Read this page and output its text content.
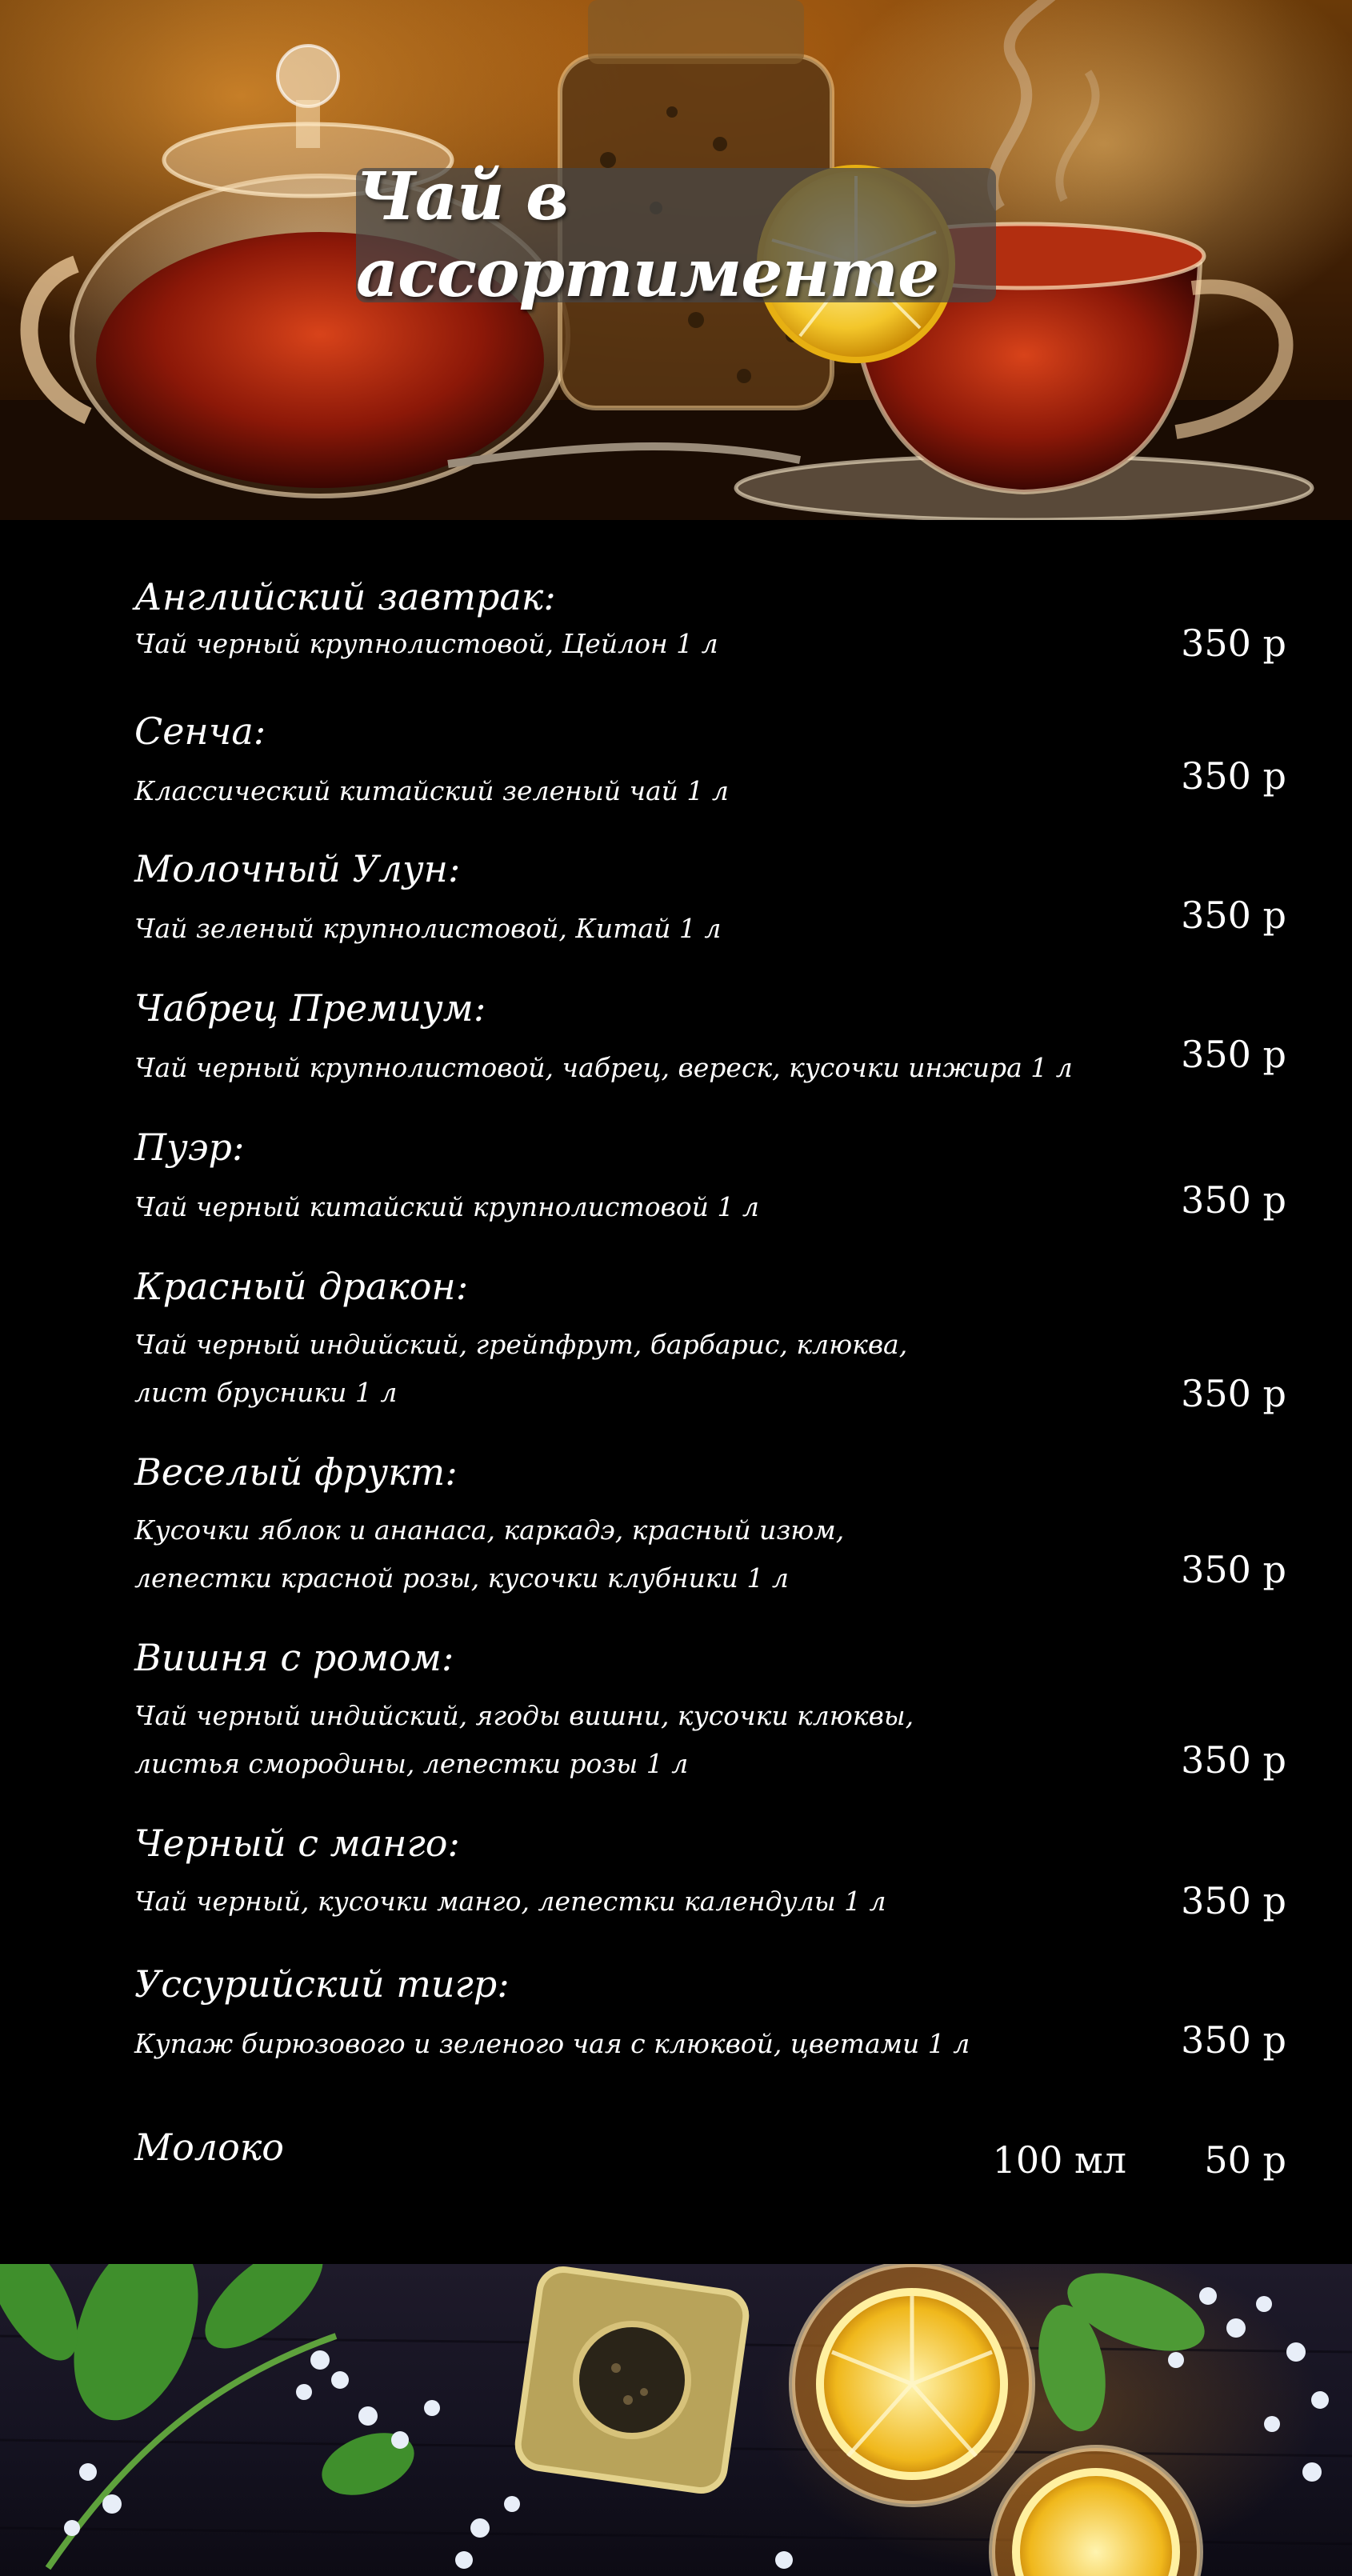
Чай в ассортименте
Английский завтрак:
Чай черный крупнолистовой, Цейлон 1 л	350 р
Сенча:
Классический китайский зеленый чай 1 л	350 р
Молочный Улун:
Чай зеленый крупнолистовой, Китай 1 л	350 р
Чабрец Премиум:
Чай черный крупнолистовой, чабрец, вереск, кусочки инжира 1 л	350 р
Пуэр:
Чай черный китайский крупнолистовой 1 л	350 р
Красный дракон:
Чай черный индийский, грейпфрут, барбарис, клюква,
лист брусники 1 л	350 р
Веселый фрукт:
Кусочки яблок и ананаса, каркадэ, красный изюм,
лепестки красной розы, кусочки клубники 1 л	350 р
Вишня с ромом:
Чай черный индийский, ягоды вишни, кусочки клюквы,
листья смородины, лепестки розы 1 л	350 р
Черный с манго:
Чай черный, кусочки манго, лепестки календулы 1 л	350 р
Уссурийский тигр:
Купаж бирюзового и зеленого чая с клюквой, цветами 1 л	350 р
Молоко	100 мл 50 р
